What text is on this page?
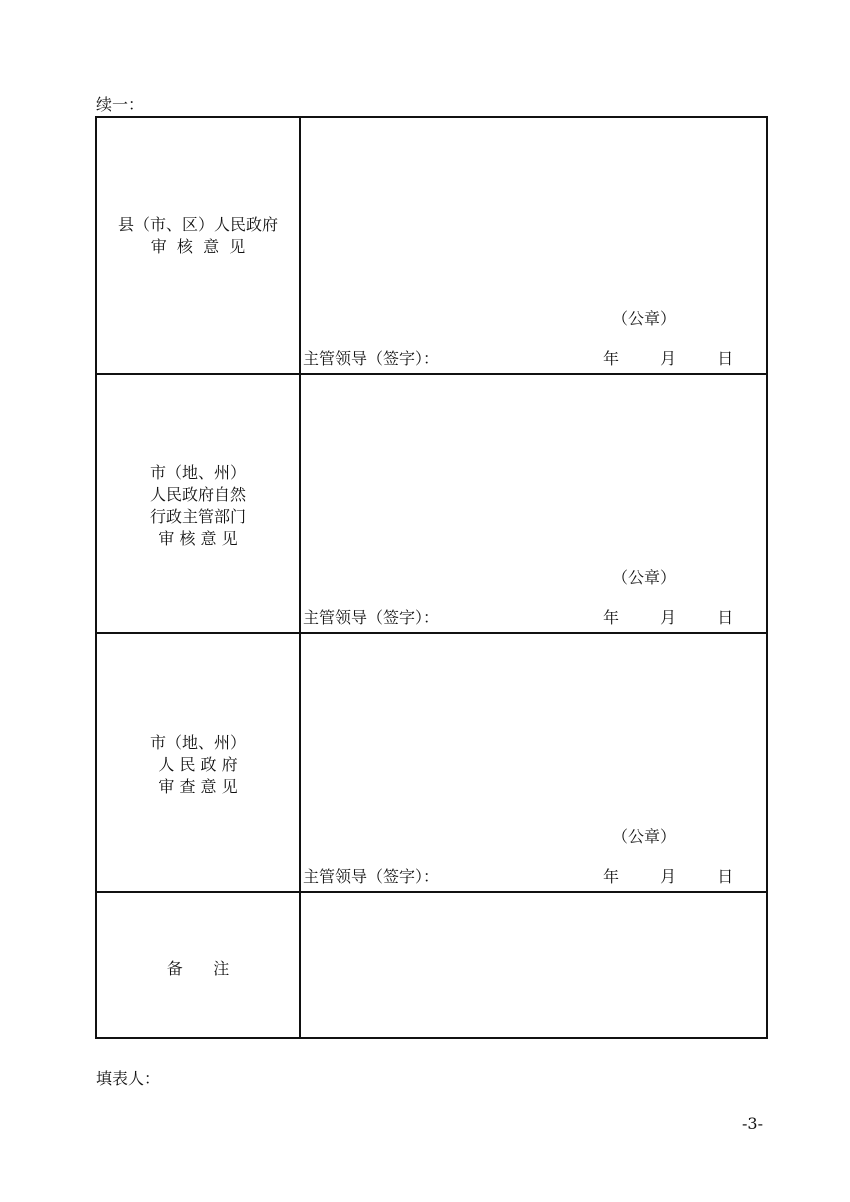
续一：
县（市、区）人民政府
审  核  意  见
（公章）
主管领导（签字）：	年	月	日
市（地、州）
人民政府自然
行政主管部门
审 核 意 见
（公章）
主管领导（签字）：	年	月	日
市（地、州）
人 民 政 府
审 查 意 见
（公章）
主管领导（签字）：	年	月	日
备      注
填表人：
-3-
